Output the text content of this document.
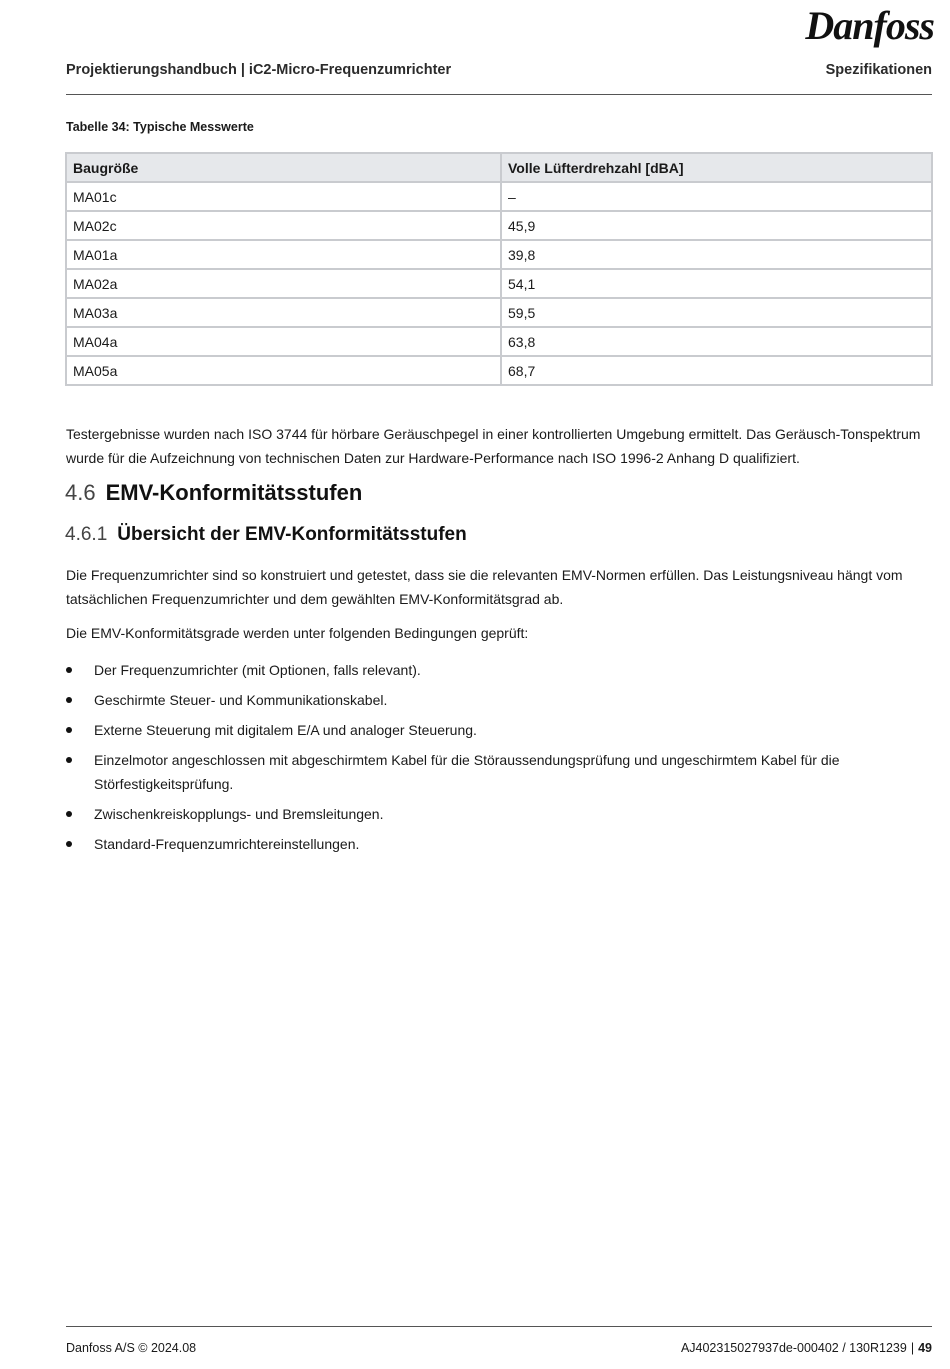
Danfoss
Projektierungshandbuch | iC2-Micro-Frequenzumrichter	Spezifikationen
Tabelle 34: Typische Messwerte
Baugröße	Volle Lüfterdrehzahl [dBA]
MA01c	–
MA02c	45,9
MA01a	39,8
MA02a	54,1
MA03a	59,5
MA04a	63,8
MA05a	68,7
Testergebnisse wurden nach ISO 3744 für hörbare Geräuschpegel in einer kontrollierten Umgebung ermittelt. Das Geräusch-Tonspektrum wurde für die Aufzeichnung von technischen Daten zur Hardware-Performance nach ISO 1996-2 Anhang D qualifiziert.
4.6 EMV-Konformitätsstufen
4.6.1 Übersicht der EMV-Konformitätsstufen
Die Frequenzumrichter sind so konstruiert und getestet, dass sie die relevanten EMV-Normen erfüllen. Das Leistungsniveau hängt vom tatsächlichen Frequenzumrichter und dem gewählten EMV-Konformitätsgrad ab.
Die EMV-Konformitätsgrade werden unter folgenden Bedingungen geprüft:
Der Frequenzumrichter (mit Optionen, falls relevant).
Geschirmte Steuer- und Kommunikationskabel.
Externe Steuerung mit digitalem E/A und analoger Steuerung.
Einzelmotor angeschlossen mit abgeschirmtem Kabel für die Störaussendungsprüfung und ungeschirmtem Kabel für die Störfestigkeitsprüfung.
Zwischenkreiskopplungs- und Bremsleitungen.
Standard-Frequenzumrichtereinstellungen.
Danfoss A/S © 2024.08	AJ402315027937de-000402 / 130R1239 | 49
